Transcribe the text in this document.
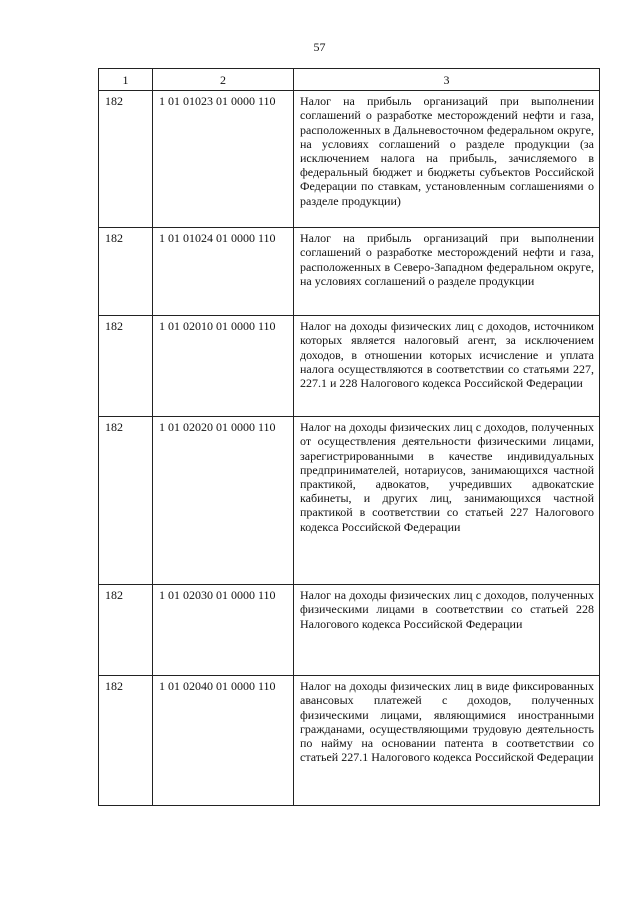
57
1	2	3
182	1 01 01023 01 0000 110	Налог на прибыль организаций при выполнении соглашений о разработке месторождений нефти и газа, расположенных в Дальневосточном федеральном округе, на условиях соглашений о разделе продукции (за исключением налога на прибыль, зачисляемого в федеральный бюджет и бюджеты субъектов Российской Федерации по ставкам, установленным соглашениями о разделе продукции)
182	1 01 01024 01 0000 110	Налог на прибыль организаций при выполнении соглашений о разработке месторождений нефти и газа, расположенных в Северо-Западном федеральном округе, на условиях соглашений о разделе продукции
182	1 01 02010 01 0000 110	Налог на доходы физических лиц с доходов, источником которых является налоговый агент, за исключением доходов, в отношении которых исчисление и уплата налога осуществляются в соответствии со статьями 227, 227.1 и 228 Налогового кодекса Российской Федерации
182	1 01 02020 01 0000 110	Налог на доходы физических лиц с доходов, полученных от осуществления деятельности физическими лицами, зарегистрированными в качестве индивидуальных предпринимателей, нотариусов, занимающихся частной практикой, адвокатов, учредивших адвокатские кабинеты, и других лиц, занимающихся частной практикой в соответствии со статьей 227 Налогового кодекса Российской Федерации
182	1 01 02030 01 0000 110	Налог на доходы физических лиц с доходов, полученных физическими лицами в соответствии со статьей 228 Налогового кодекса Российской Федерации
182	1 01 02040 01 0000 110	Налог на доходы физических лиц в виде фиксированных авансовых платежей с доходов, полученных физическими лицами, являющимися иностранными гражданами, осуществляющими трудовую деятельность по найму на основании патента в соответствии со статьей 227.1 Налогового кодекса Российской Федерации
